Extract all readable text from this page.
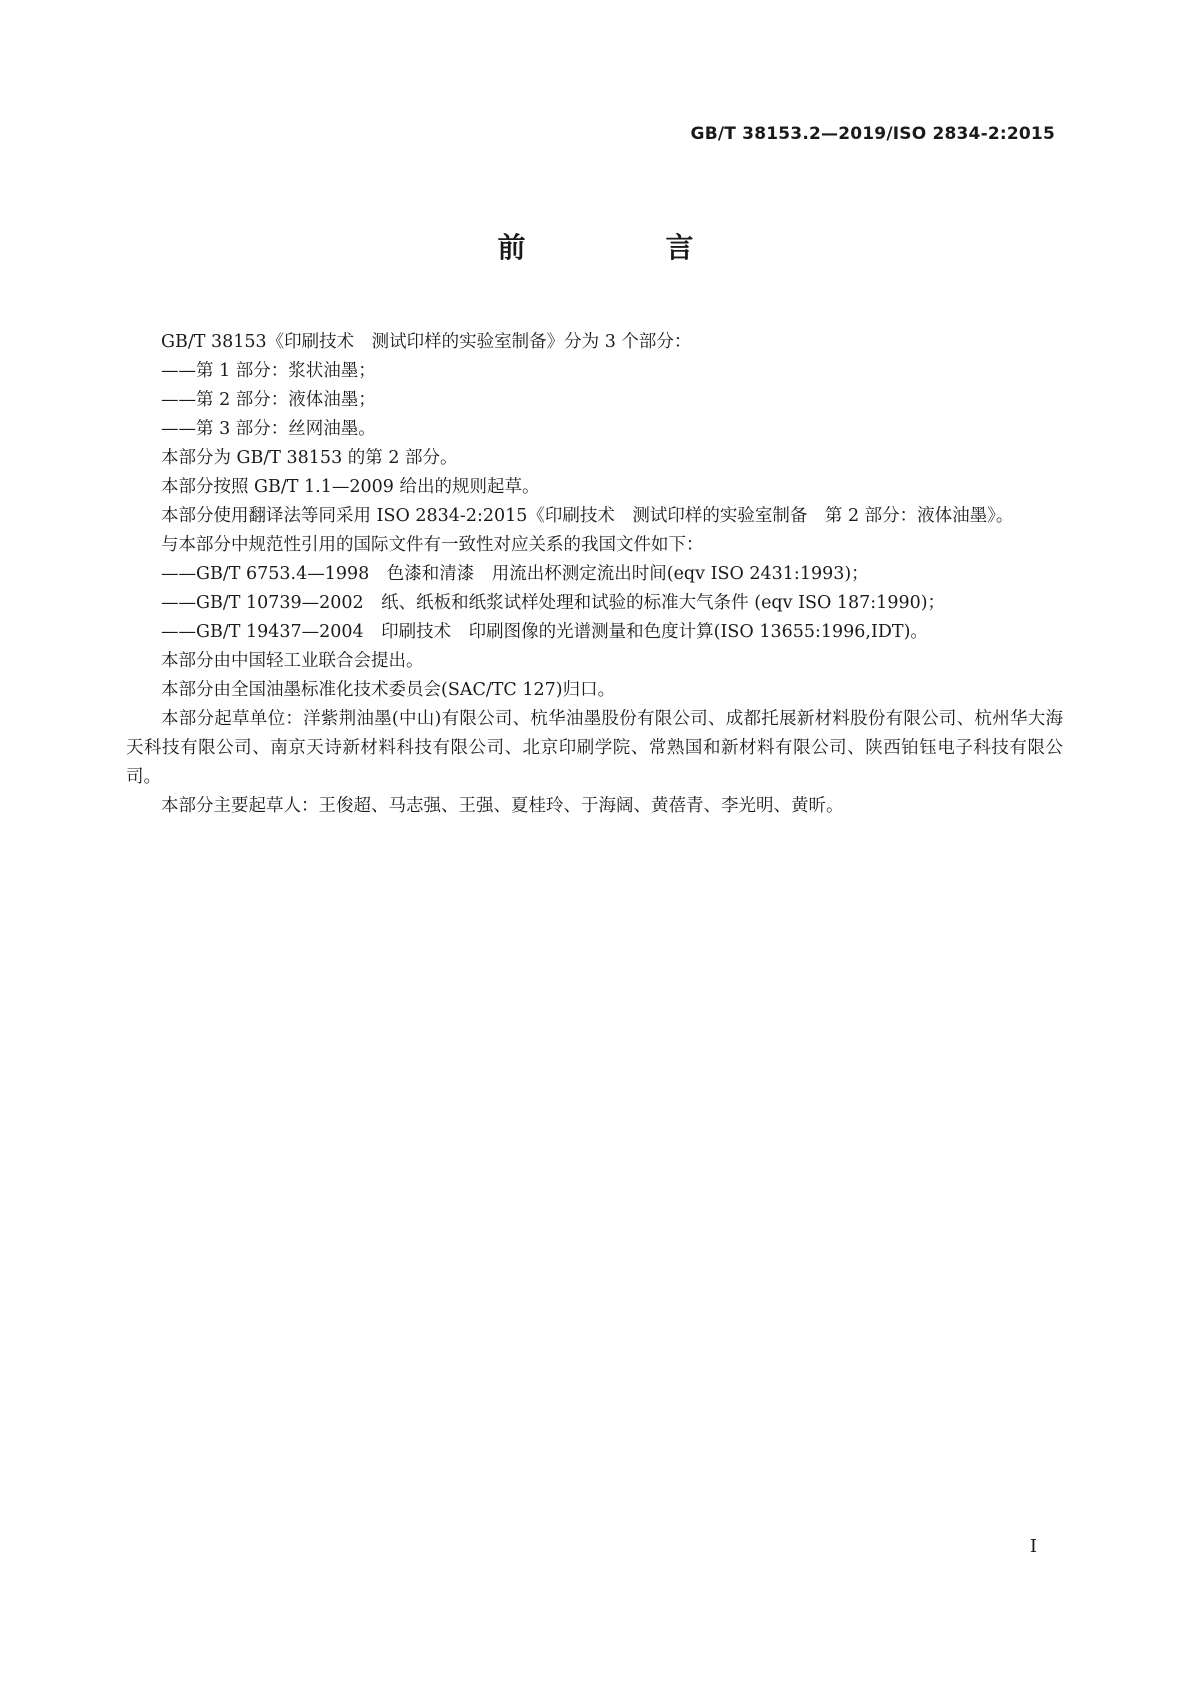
GB/T 38153.2—2019/ISO 2834-2:2015
前　言

GB/T 38153《印刷技术　测试印样的实验室制备》分为 3 个部分：

——第 1 部分：浆状油墨；

——第 2 部分：液体油墨；

——第 3 部分：丝网油墨。

本部分为 GB/T 38153 的第 2 部分。

本部分按照 GB/T 1.1—2009 给出的规则起草。

本部分使用翻译法等同采用 ISO 2834-2:2015《印刷技术　测试印样的实验室制备　第 2 部分：液体油墨》。

与本部分中规范性引用的国际文件有一致性对应关系的我国文件如下：

——GB/T 6753.4—1998　色漆和清漆　用流出杯测定流出时间(eqv ISO 2431:1993)；

——GB/T 10739—2002　纸、纸板和纸浆试样处理和试验的标准大气条件 (eqv ISO 187:1990)；

——GB/T 19437—2004　印刷技术　印刷图像的光谱测量和色度计算(ISO 13655:1996,IDT)。

本部分由中国轻工业联合会提出。

本部分由全国油墨标准化技术委员会(SAC/TC 127)归口。

本部分起草单位：洋紫荆油墨(中山)有限公司、杭华油墨股份有限公司、成都托展新材料股份有限公司、杭州华大海天科技有限公司、南京天诗新材料科技有限公司、北京印刷学院、常熟国和新材料有限公司、陕西铂钰电子科技有限公司。

本部分主要起草人：王俊超、马志强、王强、夏桂玲、于海阔、黄蓓青、李光明、黄昕。

I
